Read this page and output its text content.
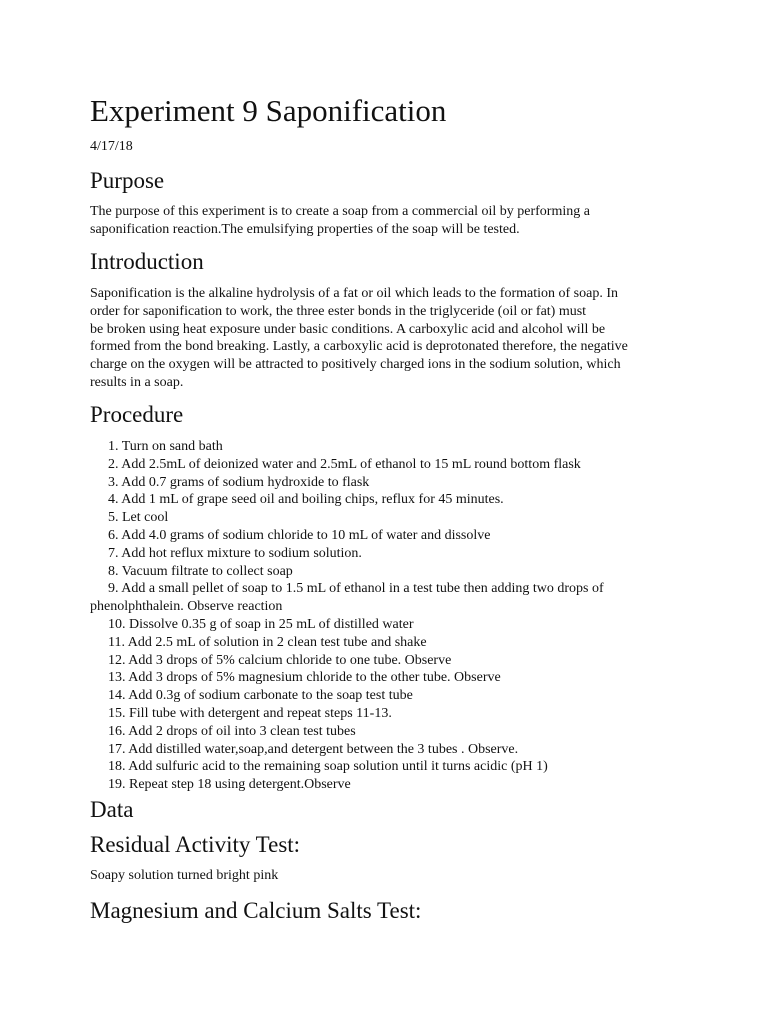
Experiment 9 Saponification
4/17/18
Purpose

The purpose of this experiment is to create a soap from a commercial oil by performing a
saponification reaction.The emulsifying properties of the soap will be tested.

Introduction

Saponification is the alkaline hydrolysis of a fat or oil which leads to the formation of soap. In
order for saponification to work, the three ester bonds in the triglyceride (oil or fat) must
be broken using heat exposure under basic conditions. A carboxylic acid and alcohol will be
formed from the bond breaking. Lastly, a carboxylic acid is deprotonated therefore, the negative
charge on the oxygen will be attracted to positively charged ions in the sodium solution, which
results in a soap.

Procedure
1. Turn on sand bath
2. Add 2.5mL of deionized water and 2.5mL of ethanol to 15 mL round bottom flask
3. Add 0.7 grams of sodium hydroxide to flask
4. Add 1 mL of grape seed oil and boiling chips, reflux for 45 minutes.
5. Let cool
6. Add 4.0 grams of sodium chloride to 10 mL of water and dissolve
7. Add hot reflux mixture to sodium solution.
8. Vacuum filtrate to collect soap
9. Add a small pellet of soap to 1.5 mL of ethanol in a test tube then adding two drops of
phenolphthalein. Observe reaction
10. Dissolve 0.35 g of soap in 25 mL of distilled water
11. Add 2.5 mL of solution in 2 clean test tube and shake
12. Add 3 drops of 5% calcium chloride to one tube. Observe
13. Add 3 drops of 5% magnesium chloride to the other tube. Observe
14. Add 0.3g of sodium carbonate to the soap test tube
15. Fill tube with detergent and repeat steps 11-13.
16. Add 2 drops of oil into 3 clean test tubes
17. Add distilled water,soap,and detergent between the 3 tubes . Observe.
18. Add sulfuric acid to the remaining soap solution until it turns acidic (pH 1)
19. Repeat step 18 using detergent.Observe
Data
Residual Activity Test:

Soapy solution turned bright pink

Magnesium and Calcium Salts Test:
